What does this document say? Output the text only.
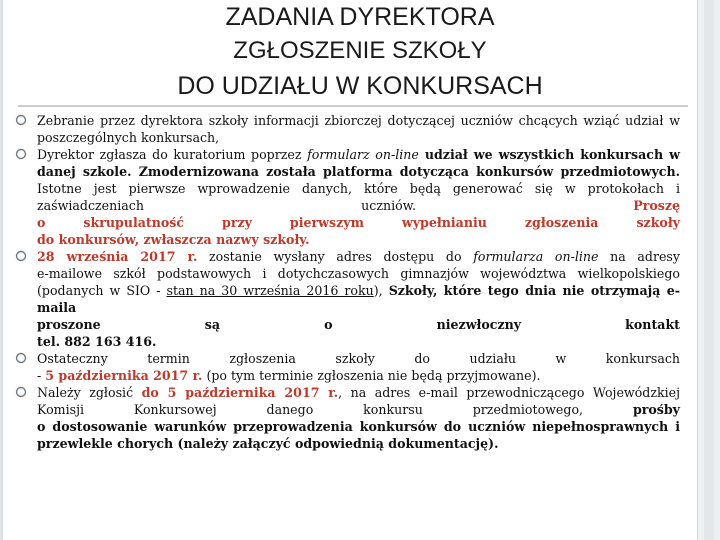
ZADANIA DYREKTORA
ZGŁOSZENIE SZKOŁY
DO UDZIAŁU W KONKURSACH
Zebranie przez dyrektora szkoły informacji zbiorczej dotyczącej uczniów chcących wziąć udział w
poszczególnych konkursach,
Dyrektor zgłasza do kuratorium poprzez formularz on-line udział we wszystkich konkursach w
danej szkole. Zmodernizowana została platforma dotycząca konkursów przedmiotowych.
Istotne jest pierwsze wprowadzenie danych, które będą generować się w protokołach i
zaświadczeniach uczniów.	Proszę
o skrupulatność przy pierwszym wypełnianiu zgłoszenia szkoły
do konkursów, zwłaszcza nazwy szkoły.
28 września 2017 r. zostanie wysłany adres dostępu do formularza on-line na adresy
e-mailowe szkół podstawowych i dotychczasowych gimnazjów województwa wielkopolskiego
(podanych w SIO - stan na 30 września 2016 roku), Szkoły, które tego dnia nie otrzymają e-maila
proszone są o niezwłoczny kontakt
tel. 882 163 416.
Ostateczny termin zgłoszenia szkoły do udziału w konkursach
- 5 października 2017 r. (po tym terminie zgłoszenia nie będą przyjmowane).
Należy zgłosić do 5 października 2017 r., na adres e-mail przewodniczącego Wojewódzkiej
Komisji Konkursowej danego konkursu przedmiotowego, prośby
o dostosowanie warunków przeprowadzenia konkursów do uczniów niepełnosprawnych i
przewlekle chorych (należy załączyć odpowiednią dokumentację).
